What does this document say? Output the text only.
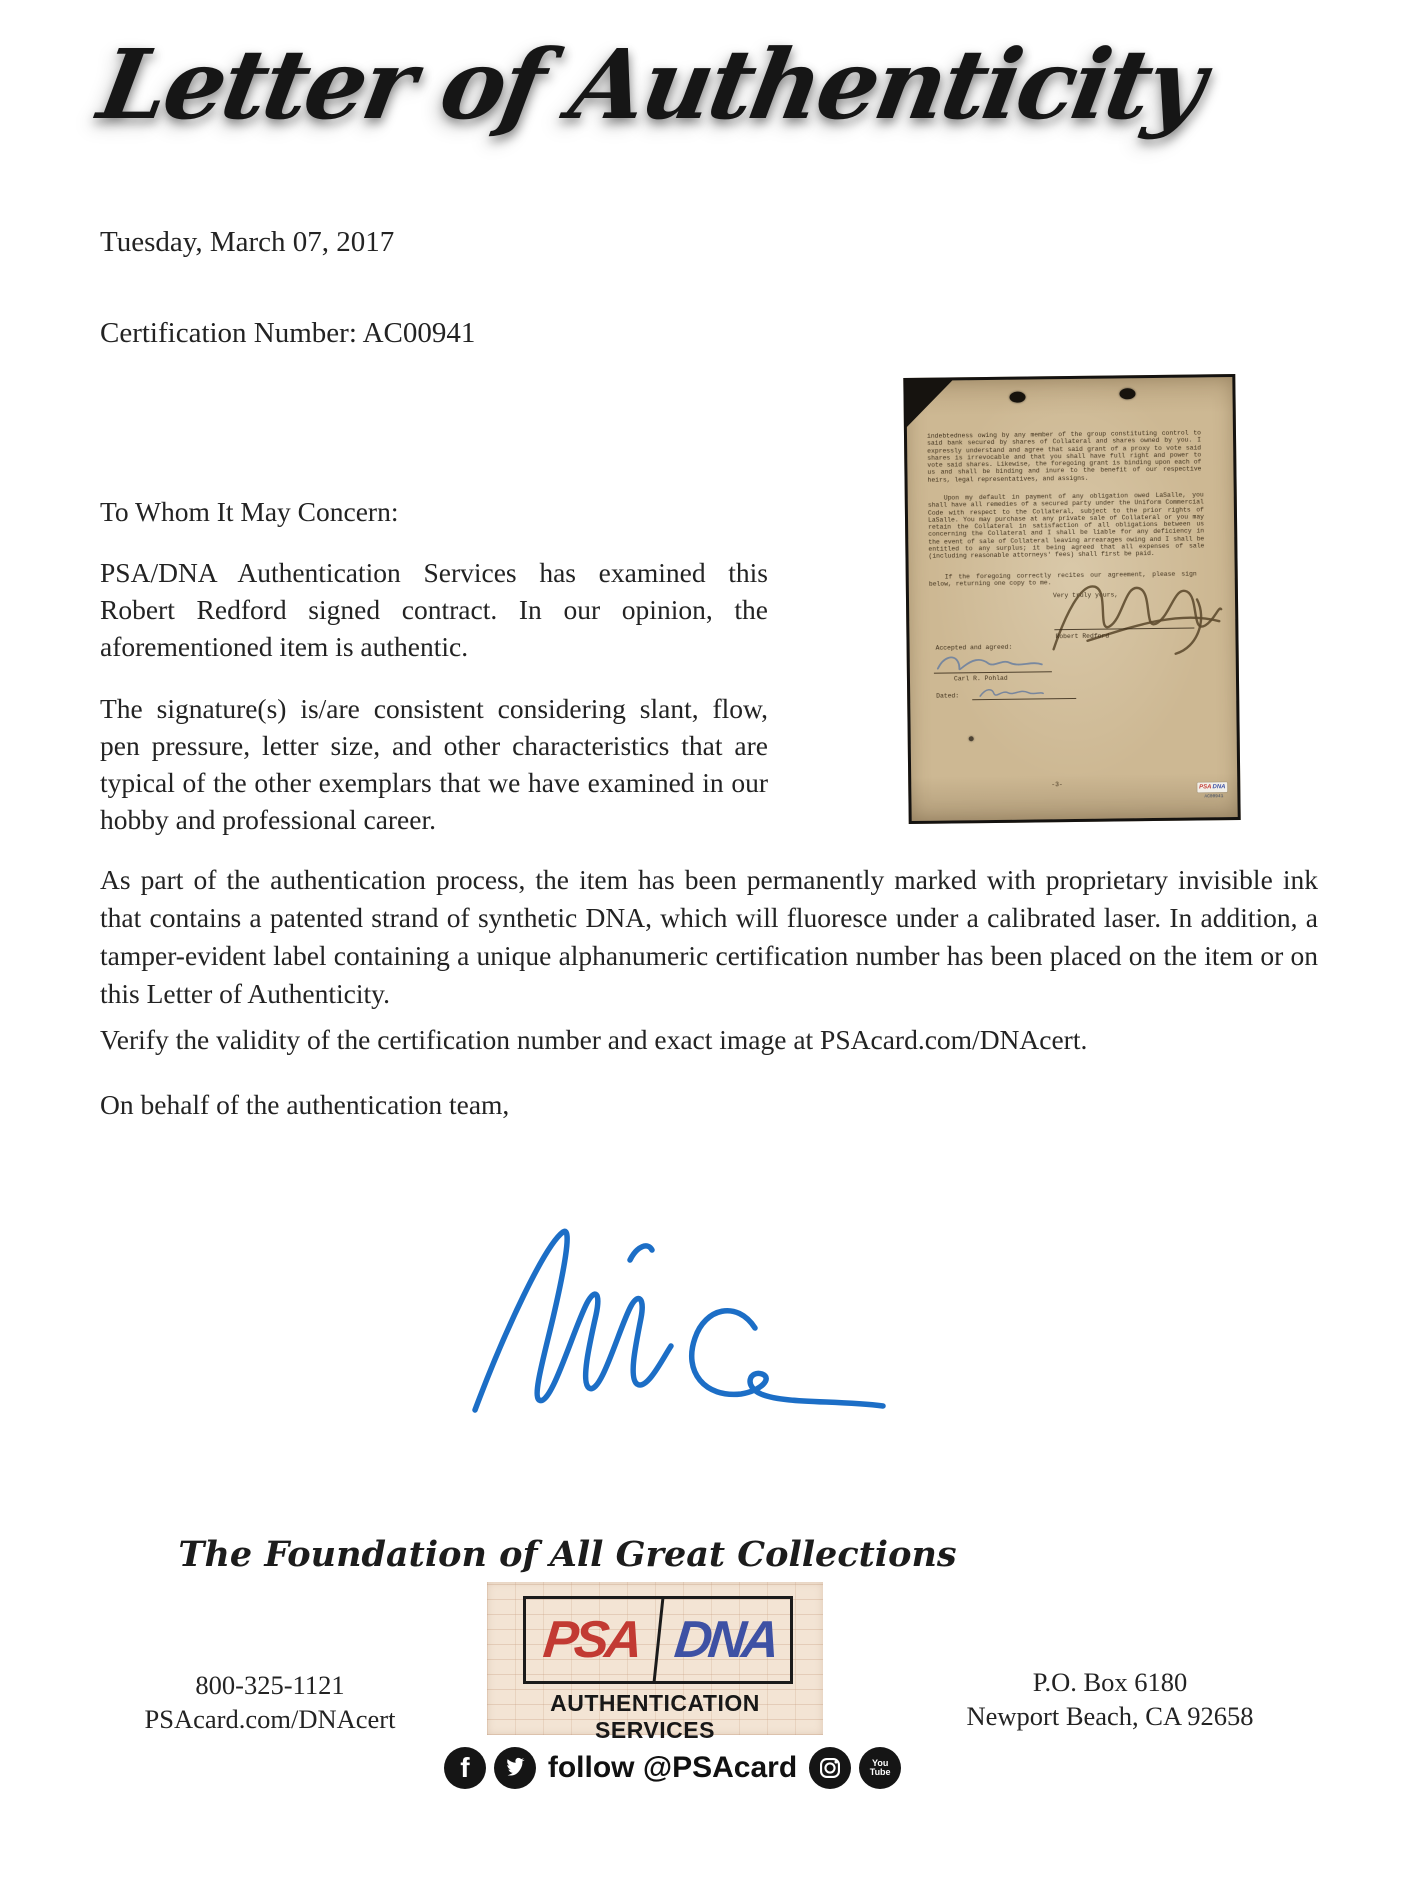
Letter of Authenticity
Tuesday, March 07, 2017
Certification Number: AC00941
To Whom It May Concern:
PSA/DNA Authentication Services has examined this Robert Redford signed contract. In our opinion, the aforementioned item is authentic.
The signature(s) is/are consistent considering slant, flow, pen pressure, letter size, and other characteristics that are typical of the other exemplars that we have examined in our hobby and professional career.
As part of the authentication process, the item has been permanently marked with proprietary invisible ink that contains a patented strand of synthetic DNA, which will fluoresce under a calibrated laser. In addition, a tamper-evident label containing a unique alphanumeric certification number has been placed on the item or on this Letter of Authenticity.
Verify the validity of the certification number and exact image at PSAcard.com/DNAcert.
On behalf of the authentication team,
indebtedness owing by any member of the group constituting control to said bank secured by shares of Collateral and shares owned by you. I expressly understand and agree that said grant of a proxy to vote said shares is irrevocable and that you shall have full right and power to vote said shares. Likewise, the foregoing grant is binding upon each of us and shall be binding and inure to the benefit of our respective heirs, legal representatives, and assigns.
Upon my default in payment of any obligation owed LaSalle, you shall have all remedies of a secured party under the Uniform Commercial Code with respect to the Collateral, subject to the prior rights of LaSalle. You may purchase at any private sale of Collateral or you may retain the Collateral in satisfaction of all obligations between us concerning the Collateral and I shall be liable for any deficiency in the event of sale of Collateral leaving arrearages owing and I shall be entitled to any surplus; it being agreed that all expenses of sale (including reasonable attorneys' fees) shall first be paid.
If the foregoing correctly recites our agreement, please sign below, returning one copy to me.
Very truly yours,
Robert Redford
Accepted and agreed:
Carl R. Pohlad
Dated:
-3-	PSA DNA
AC00941
The Foundation of All Great Collections
PSA DNA
AUTHENTICATION SERVICES
f	follow @PSAcard	You
Tube
800-325-1121
PSAcard.com/DNAcert
P.O. Box 6180
Newport Beach, CA 92658
